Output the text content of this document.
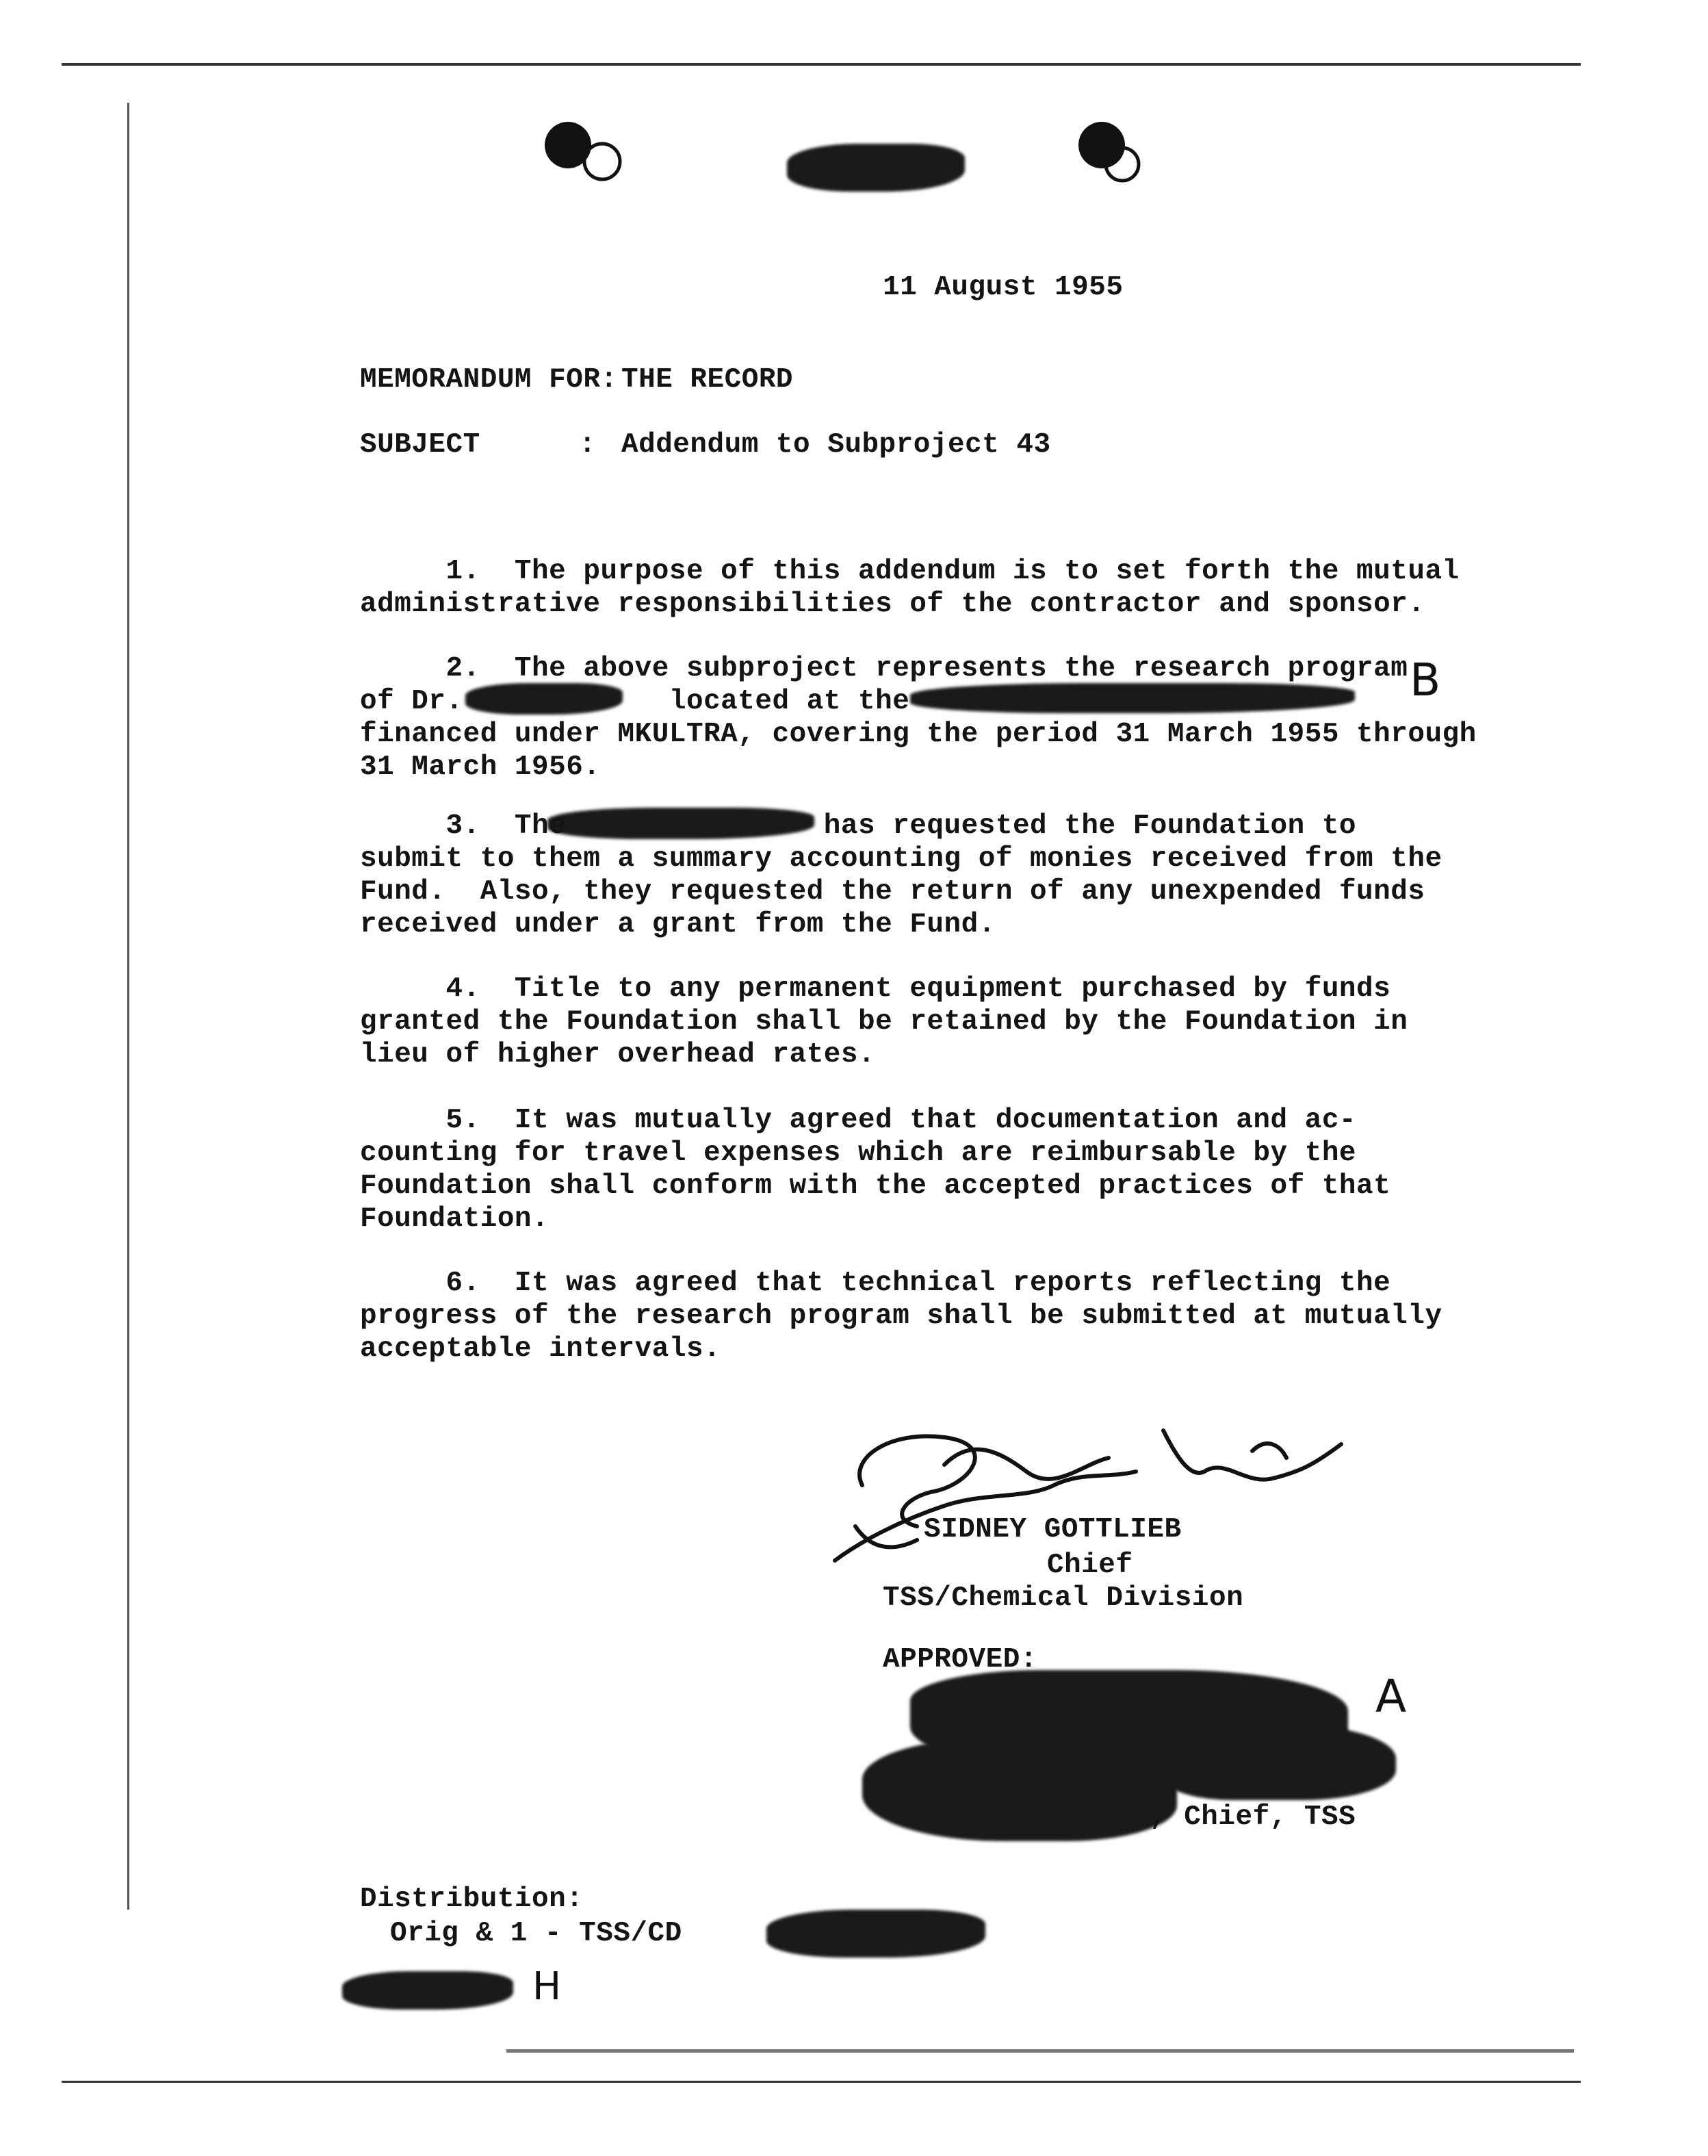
11 August 1955
MEMORANDUM FOR: THE RECORD
SUBJECT	: Addendum to Subproject 43
1.  The purpose of this addendum is to set forth the mutual
administrative responsibilities of the contractor and sponsor.
2.  The above subproject represents the research program
of Dr.            located at the
financed under MKULTRA, covering the period 31 March 1955 through
31 March 1956.
3.  The               has requested the Foundation to
submit to them a summary accounting of monies received from the
Fund.  Also, they requested the return of any unexpended funds
received under a grant from the Fund.
4.  Title to any permanent equipment purchased by funds
granted the Foundation shall be retained by the Foundation in
lieu of higher overhead rates.
5.  It was mutually agreed that documentation and ac-
counting for travel expenses which are reimbursable by the
Foundation shall conform with the accepted practices of that
Foundation.
6.  It was agreed that technical reports reflecting the
progress of the research program shall be submitted at mutually
acceptable intervals.
SIDNEY GOTTLIEB
Chief
TSS/Chemical Division
APPROVED:
, Chief, TSS
Distribution:
Orig & 1 - TSS/CD
B
A
H
